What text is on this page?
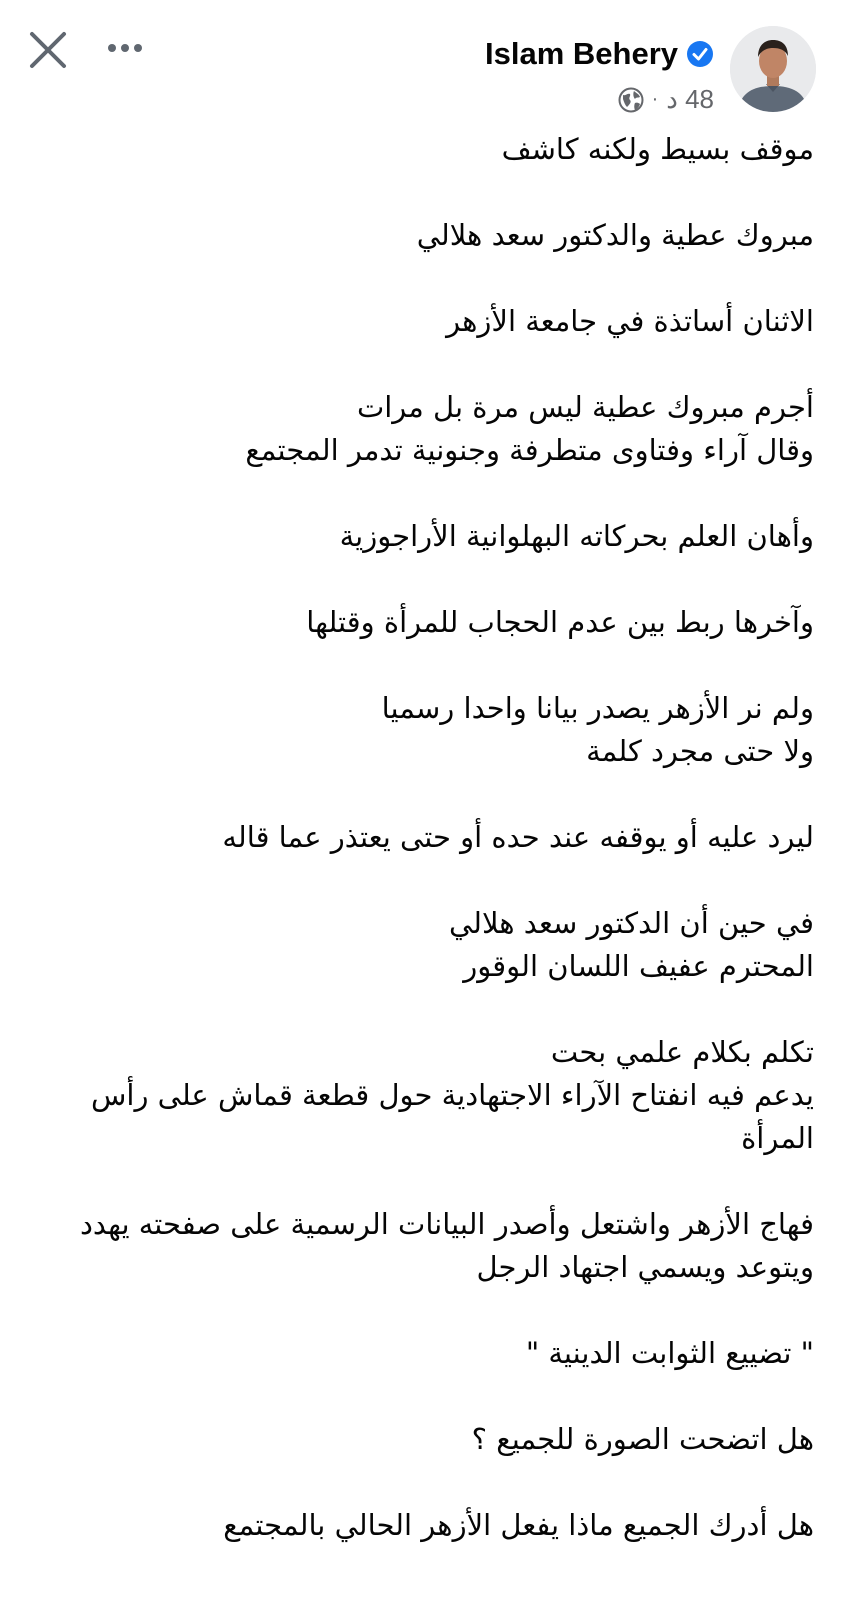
Islam Behery
· 48 د

موقف بسيط ولكنه كاشف

مبروك عطية والدكتور سعد هلالي

الاثنان أساتذة في جامعة الأزهر

أجرم مبروك عطية ليس مرة بل مرات
وقال آراء وفتاوى متطرفة وجنونية تدمر المجتمع

وأهان العلم بحركاته البهلوانية الأراجوزية

وآخرها ربط بين عدم الحجاب للمرأة وقتلها

ولم نر الأزهر يصدر بيانا واحدا رسميا
ولا حتى مجرد كلمة

ليرد عليه أو يوقفه عند حده أو حتى يعتذر عما قاله

في حين أن الدكتور سعد هلالي
المحترم عفيف اللسان الوقور

تكلم بكلام علمي بحت
يدعم فيه انفتاح الآراء الاجتهادية حول قطعة قماش على رأس المرأة

فهاج الأزهر واشتعل وأصدر البيانات الرسمية على صفحته يهدد ويتوعد ويسمي اجتهاد الرجل

" تضييع الثوابت الدينية "

هل اتضحت الصورة للجميع ؟

هل أدرك الجميع ماذا يفعل الأزهر الحالي بالمجتمع
